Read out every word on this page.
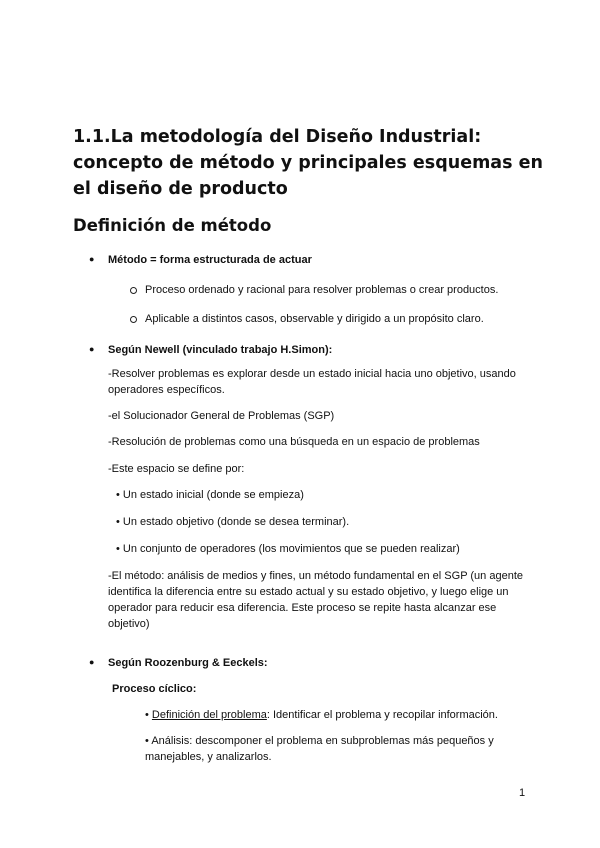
1.1.La metodología del Diseño Industrial: concepto de método y principales esquemas en el diseño de producto
Definición de método
● Método = forma estructurada de actuar
Proceso ordenado y racional para resolver problemas o crear productos.
Aplicable a distintos casos, observable y dirigido a un propósito claro.
● Según Newell (vinculado trabajo H.Simon):
-Resolver problemas es explorar desde un estado inicial hacia uno objetivo, usando operadores específicos.
-el Solucionador General de Problemas (SGP)
-Resolución de problemas como una búsqueda en un espacio de problemas
-Este espacio se define por:
• Un estado inicial (donde se empieza)
• Un estado objetivo (donde se desea terminar).
• Un conjunto de operadores (los movimientos que se pueden realizar)
-El método: análisis de medios y fines, un método fundamental en el SGP (un agente identifica la diferencia entre su estado actual y su estado objetivo, y luego elige un operador para reducir esa diferencia. Este proceso se repite hasta alcanzar ese objetivo)
● Según Roozenburg & Eeckels:
Proceso cíclico:
• Definición del problema: Identificar el problema y recopilar información.
• Análisis: descomponer el problema en subproblemas más pequeños y manejables, y analizarlos.
1
